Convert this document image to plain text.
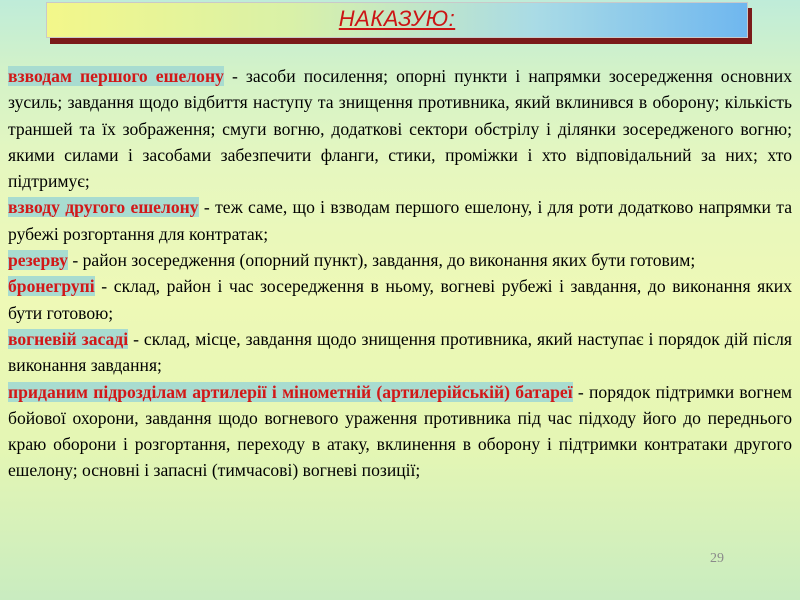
НАКАЗУЮ:

взводам першого ешелону - засоби посилення; опорні пункти і напрямки зосередження основних зусиль; завдання щодо відбиття наступу та знищення противника, який вклинився в оборону; кількість траншей та їх зображення; смуги вогню, додаткові сектори обстрілу і ділянки зосередженого вогню; якими силами і засобами забезпечити фланги, стики, проміжки і хто відповідальний за них; хто підтримує;

взводу другого ешелону - теж саме, що і взводам першого ешелону, і для роти додатково напрямки та рубежі розгортання для контратак;

резерву - район зосередження (опорний пункт), завдання, до виконання яких бути готовим;

бронегрупі - склад, район і час зосередження в ньому, вогневі рубежі і завдання, до виконання яких бути готовою;

вогневій засаді - склад, місце, завдання щодо знищення противника, який наступає і порядок дій після виконання завдання;

приданим підрозділам артилерії і мінометній (артилерійській) батареї - порядок підтримки вогнем бойової охорони, завдання щодо вогневого ураження противника під час підходу його до переднього краю оборони і розгортання, переходу в атаку, вклинення в оборону і підтримки контратаки другого ешелону; основні і запасні (тимчасові) вогневі позиції;

29
